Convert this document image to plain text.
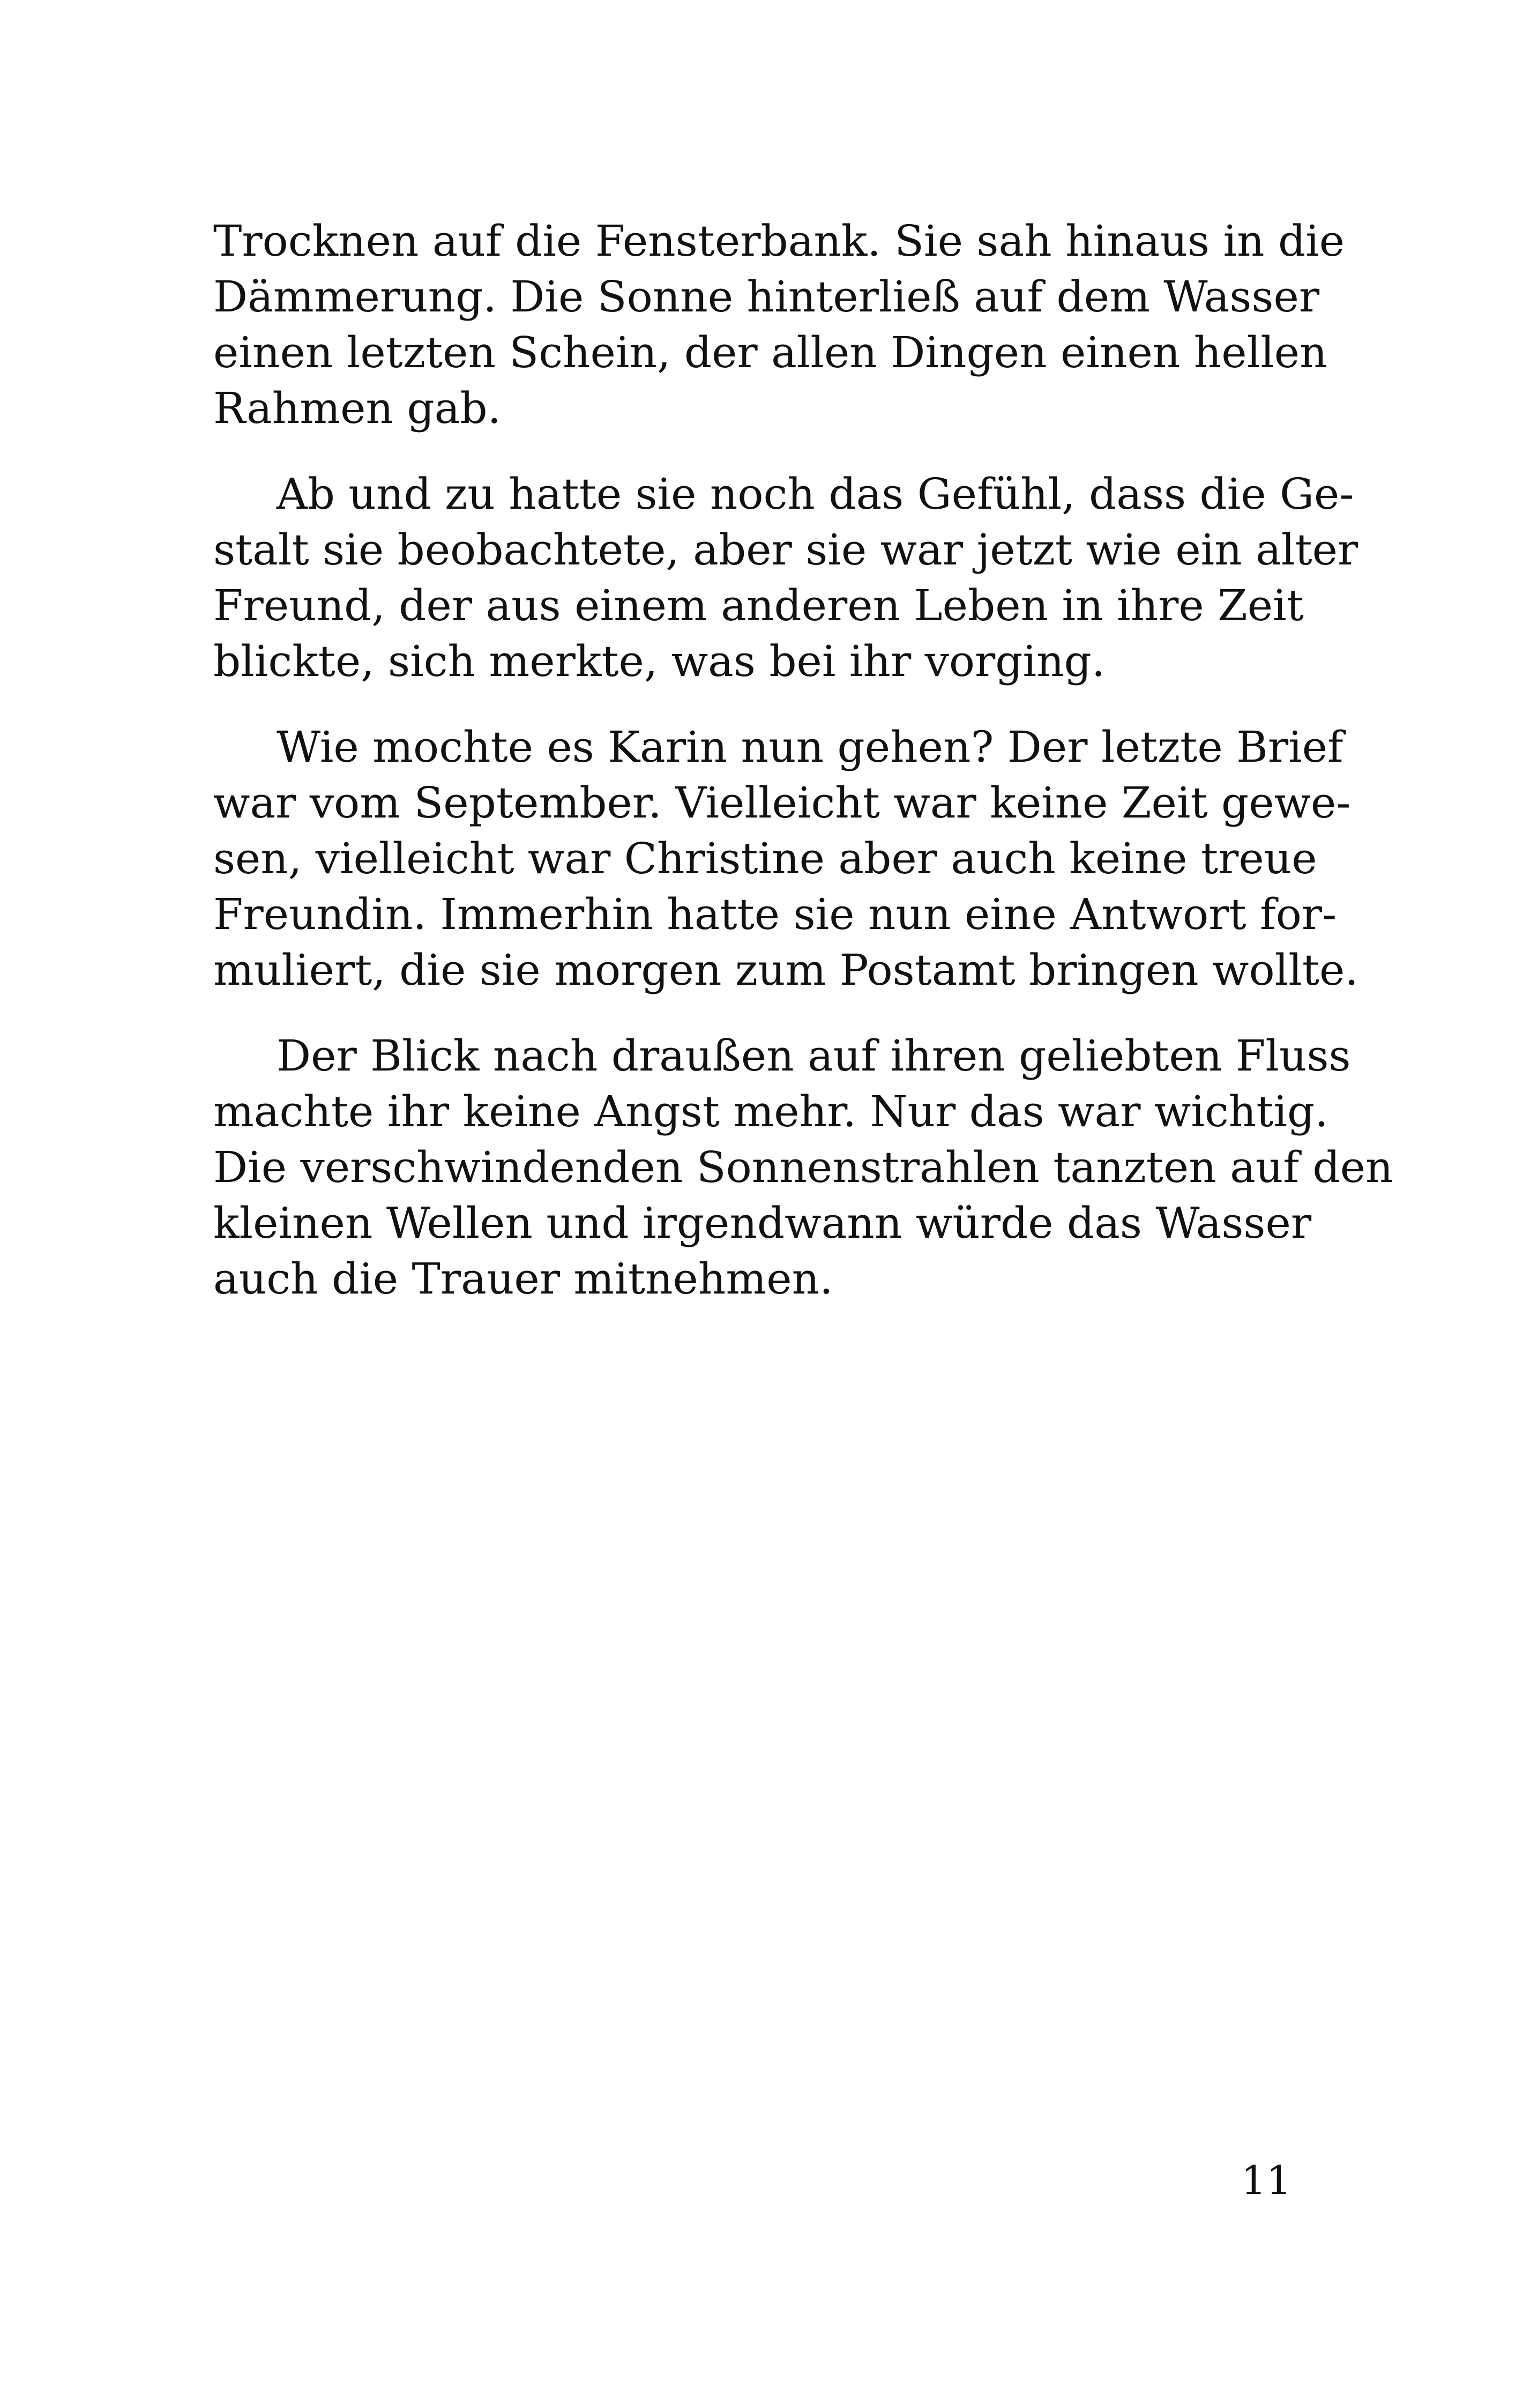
Trocknen auf die Fensterbank. Sie sah hinaus in die
Dämmerung. Die Sonne hinterließ auf dem Wasser
einen letzten Schein, der allen Dingen einen hellen
Rahmen gab.
Ab und zu hatte sie noch das Gefühl, dass die Ge-
stalt sie beobachtete, aber sie war jetzt wie ein alter
Freund, der aus einem anderen Leben in ihre Zeit
blickte, sich merkte, was bei ihr vorging.
Wie mochte es Karin nun gehen? Der letzte Brief
war vom September. Vielleicht war keine Zeit gewe-
sen, vielleicht war Christine aber auch keine treue
Freundin. Immerhin hatte sie nun eine Antwort for-
muliert, die sie morgen zum Postamt bringen wollte.
Der Blick nach draußen auf ihren geliebten Fluss
machte ihr keine Angst mehr. Nur das war wichtig.
Die verschwindenden Sonnenstrahlen tanzten auf den
kleinen Wellen und irgendwann würde das Wasser
auch die Trauer mitnehmen.
11
